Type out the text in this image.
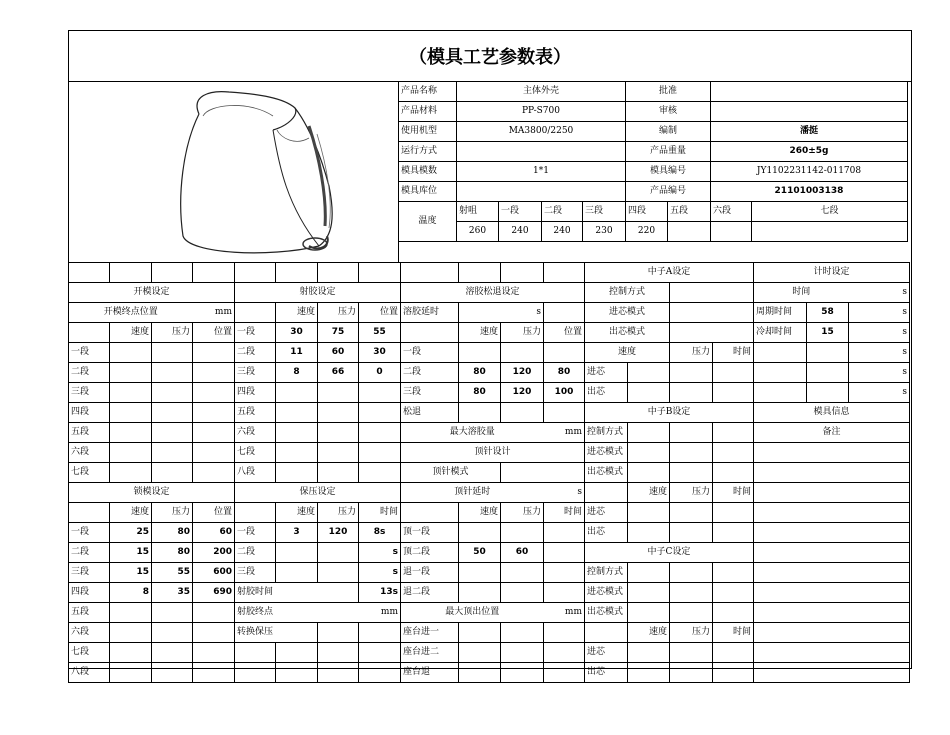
（模具工艺参数表）
产品名称	主体外壳				批准			
产品材料	PP-S700				审核			
使用机型	MA3800/2250				编制		潘挺	
运行方式					产品重量		260±5g	
模具模数	1*1				模具编号		JY1102231142-011708	
模具库位					产品编号		21101003138	
温度	射咀	一段	二段	三段	四段	五段	六段	七段
	260	240	240	230	220			
												中子A设定				计时设定		
开模设定				射胶设定				溶胶松退设定				控制方式				时间		s
开模终点位置			mm		速度	压力	位置	溶胶延时	s			进芯模式				周期时间	58	s
	速度	压力	位置	一段	30	75	55		速度	压力	位置	出芯模式				冷却时间	15	s
一段				二段	11	60	30	一段				速度		压力	时间			s
二段				三段	8	66	0	二段	80	120	80	进芯						s
三段				四段				三段	80	120	100	出芯						s
四段				五段				松退				中子B设定				模具信息		
五段				六段				最大溶胶量			mm	控制方式				备注		
六段				七段				顶针设计				进芯模式						
七段				八段				顶针模式				出芯模式						
锁模设定				保压设定				顶针延时			s		速度	压力	时间			
	速度	压力	位置		速度	压力	时间		速度	压力	时间	进芯						
一段	25	80	60	一段	3	120	8s	顶一段				出芯						
二段	15	80	200	二段			s	顶二段	50	60		中子C设定						
三段	15	55	600	三段			s	退一段				控制方式						
四段	8	35	690	射胶时间			13s	退二段				进芯模式						
五段				射胶终点			mm	最大顶出位置			mm	出芯模式						
六段				转换保压				座台进一					速度	压力	时间			
七段								座台进二				进芯						
八段								座台退				出芯						
